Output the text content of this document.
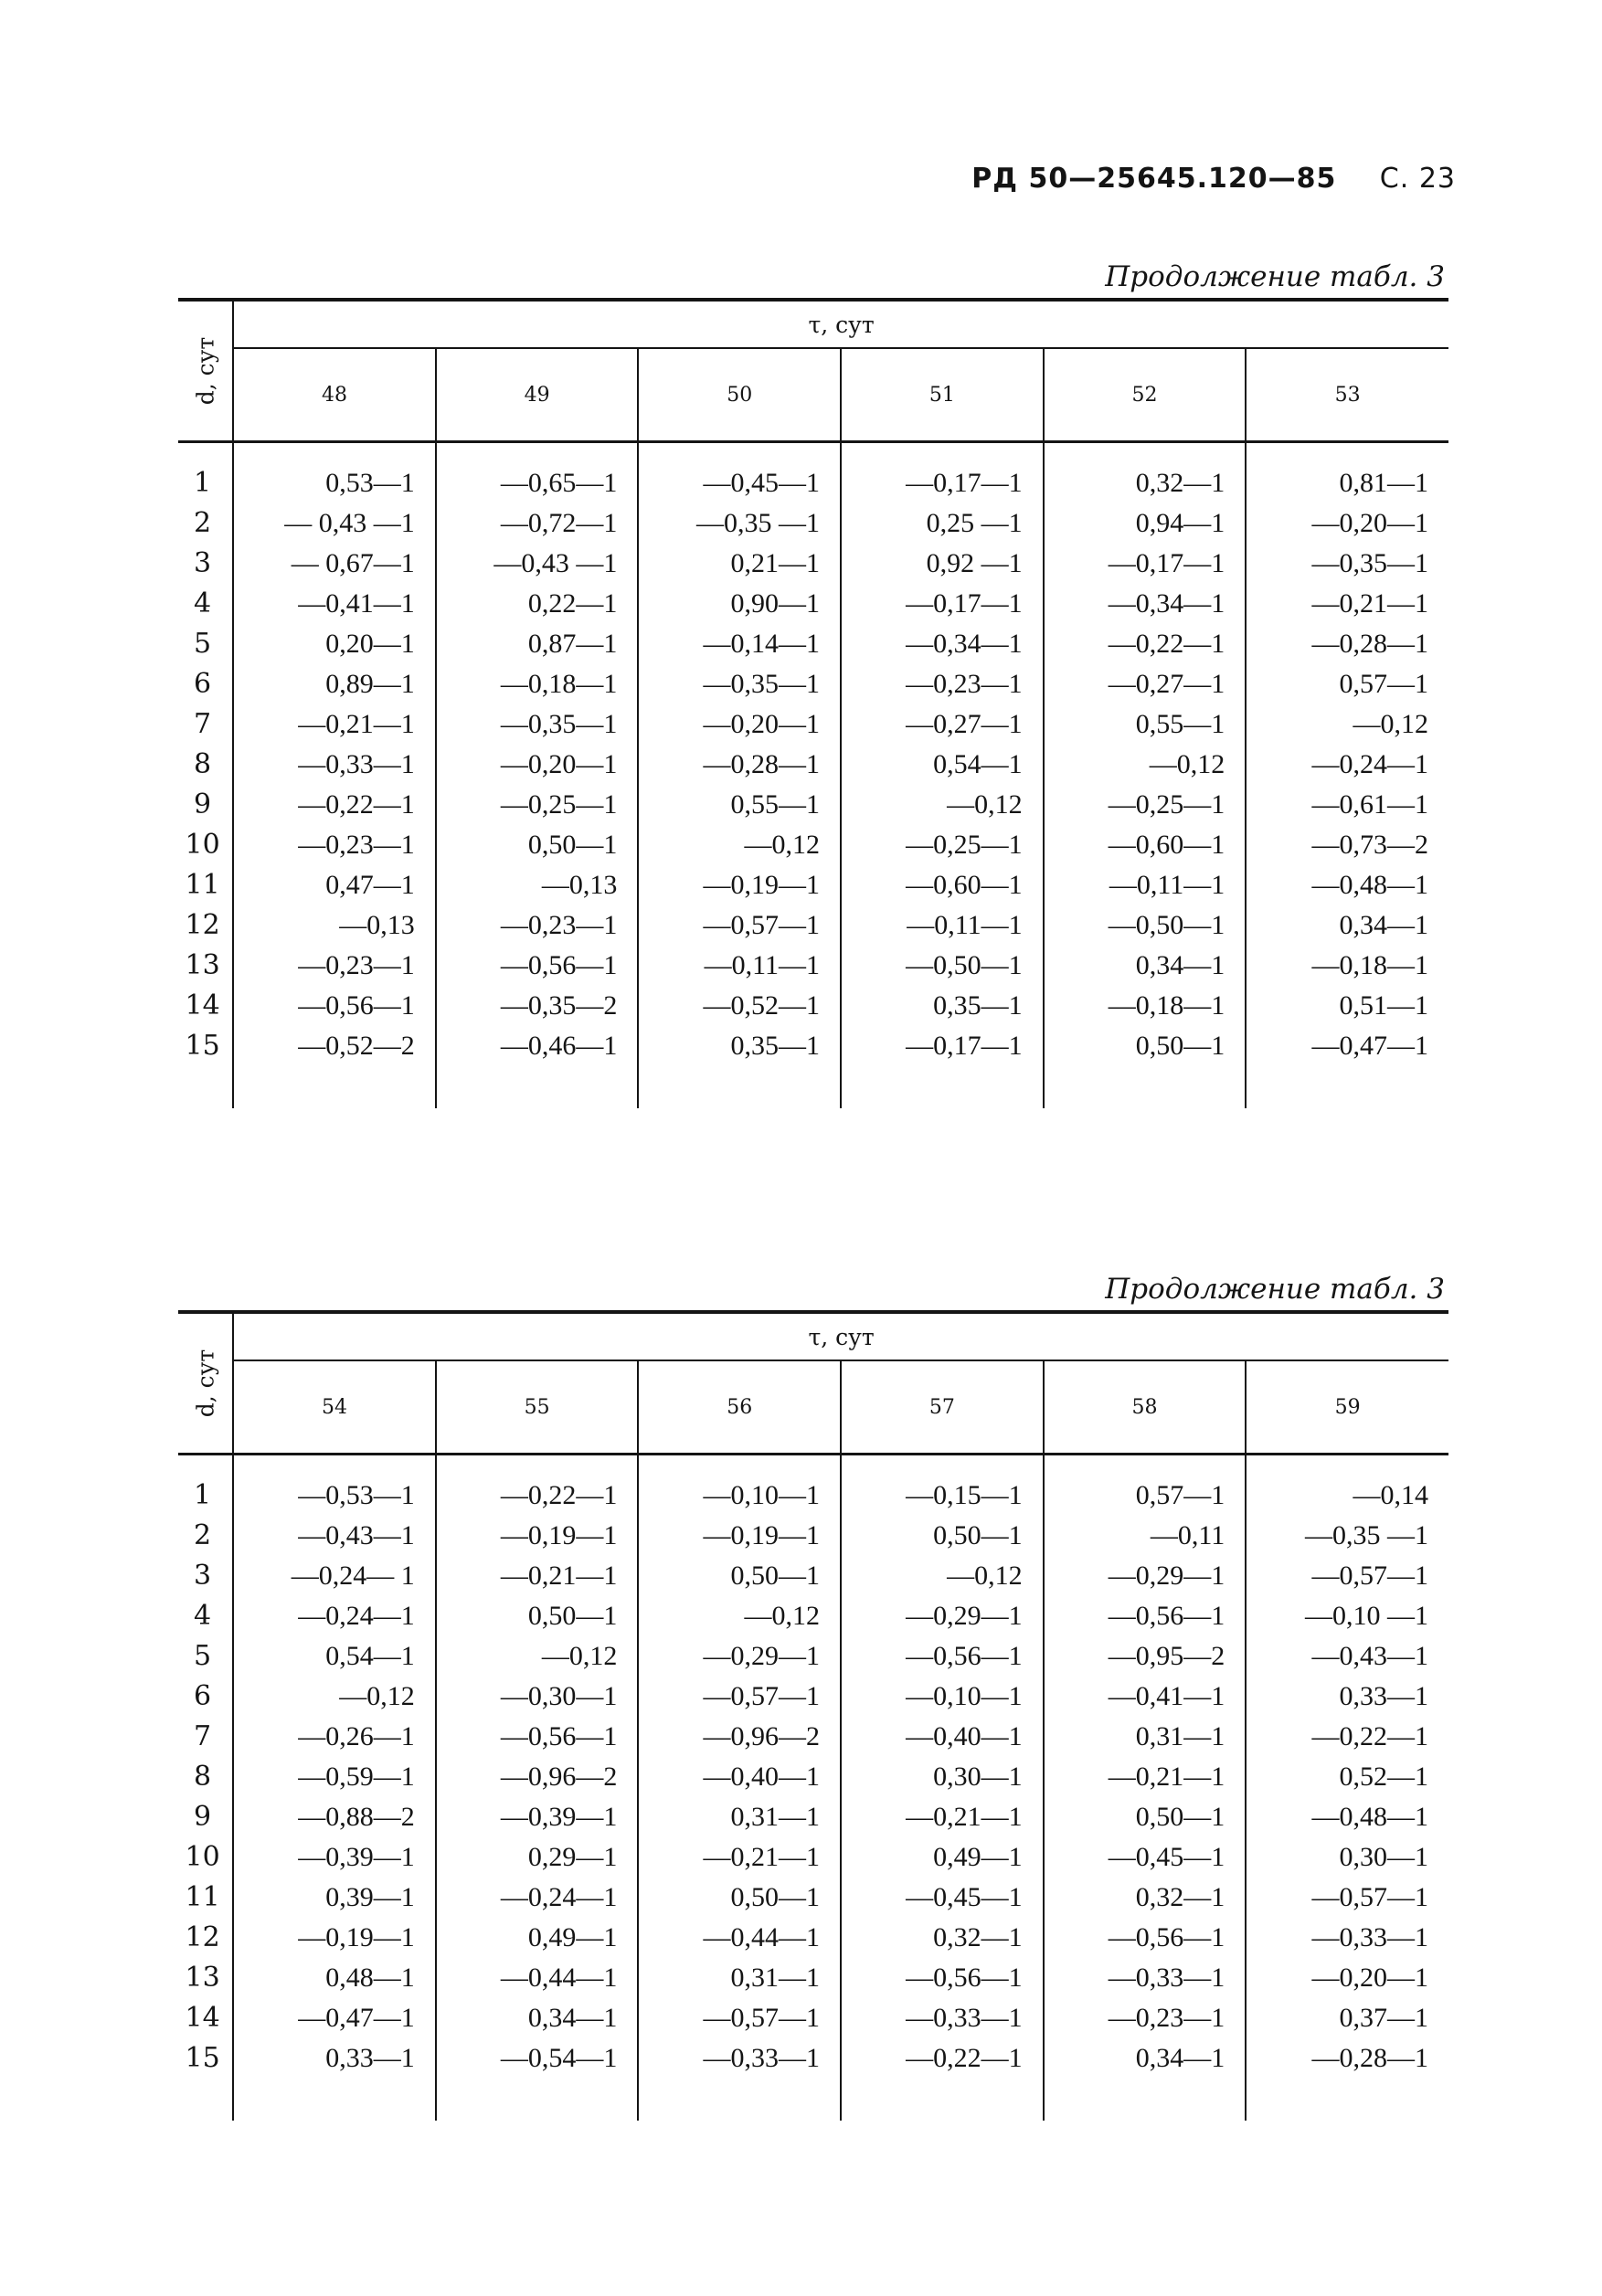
РД 50—25645.120—85 С. 23
Продолжение табл. 3

d, сут	τ, сут					
	48	49	50	51	52	53

1	0,53—1	—0,65—1	—0,45—1	—0,17—1	0,32—1	0,81—1
2	— 0,43 —1	—0,72—1	—0,35 —1	0,25 —1	0,94—1	—0,20—1
3	— 0,67—1	—0,43 —1	0,21—1	0,92 —1	—0,17—1	—0,35—1
4	—0,41—1	0,22—1	0,90—1	—0,17—1	—0,34—1	—0,21—1
5	0,20—1	0,87—1	—0,14—1	—0,34—1	—0,22—1	—0,28—1
6	0,89—1	—0,18—1	—0,35—1	—0,23—1	—0,27—1	0,57—1
7	—0,21—1	—0,35—1	—0,20—1	—0,27—1	0,55—1	—0,12
8	—0,33—1	—0,20—1	—0,28—1	0,54—1	—0,12	—0,24—1
9	—0,22—1	—0,25—1	0,55—1	—0,12	—0,25—1	—0,61—1
10	—0,23—1	0,50—1	—0,12	—0,25—1	—0,60—1	—0,73—2
11	0,47—1	—0,13	—0,19—1	—0,60—1	—0,11—1	—0,48—1
12	—0,13	—0,23—1	—0,57—1	—0,11—1	—0,50—1	0,34—1
13	—0,23—1	—0,56—1	—0,11—1	—0,50—1	0,34—1	—0,18—1
14	—0,56—1	—0,35—2	—0,52—1	0,35—1	—0,18—1	0,51—1
15	—0,52—2	—0,46—1	0,35—1	—0,17—1	0,50—1	—0,47—1

Продолжение табл. 3

d, сут	τ, сут					
	54	55	56	57	58	59

1	—0,53—1	—0,22—1	—0,10—1	—0,15—1	0,57—1	—0,14
2	—0,43—1	—0,19—1	—0,19—1	0,50—1	—0,11	—0,35 —1
3	—0,24— 1	—0,21—1	0,50—1	—0,12	—0,29—1	—0,57—1
4	—0,24—1	0,50—1	—0,12	—0,29—1	—0,56—1	—0,10 —1
5	0,54—1	—0,12	—0,29—1	—0,56—1	—0,95—2	—0,43—1
6	—0,12	—0,30—1	—0,57—1	—0,10—1	—0,41—1	0,33—1
7	—0,26—1	—0,56—1	—0,96—2	—0,40—1	0,31—1	—0,22—1
8	—0,59—1	—0,96—2	—0,40—1	0,30—1	—0,21—1	0,52—1
9	—0,88—2	—0,39—1	0,31—1	—0,21—1	0,50—1	—0,48—1
10	—0,39—1	0,29—1	—0,21—1	0,49—1	—0,45—1	0,30—1
11	0,39—1	—0,24—1	0,50—1	—0,45—1	0,32—1	—0,57—1
12	—0,19—1	0,49—1	—0,44—1	0,32—1	—0,56—1	—0,33—1
13	0,48—1	—0,44—1	0,31—1	—0,56—1	—0,33—1	—0,20—1
14	—0,47—1	0,34—1	—0,57—1	—0,33—1	—0,23—1	0,37—1
15	0,33—1	—0,54—1	—0,33—1	—0,22—1	0,34—1	—0,28—1
